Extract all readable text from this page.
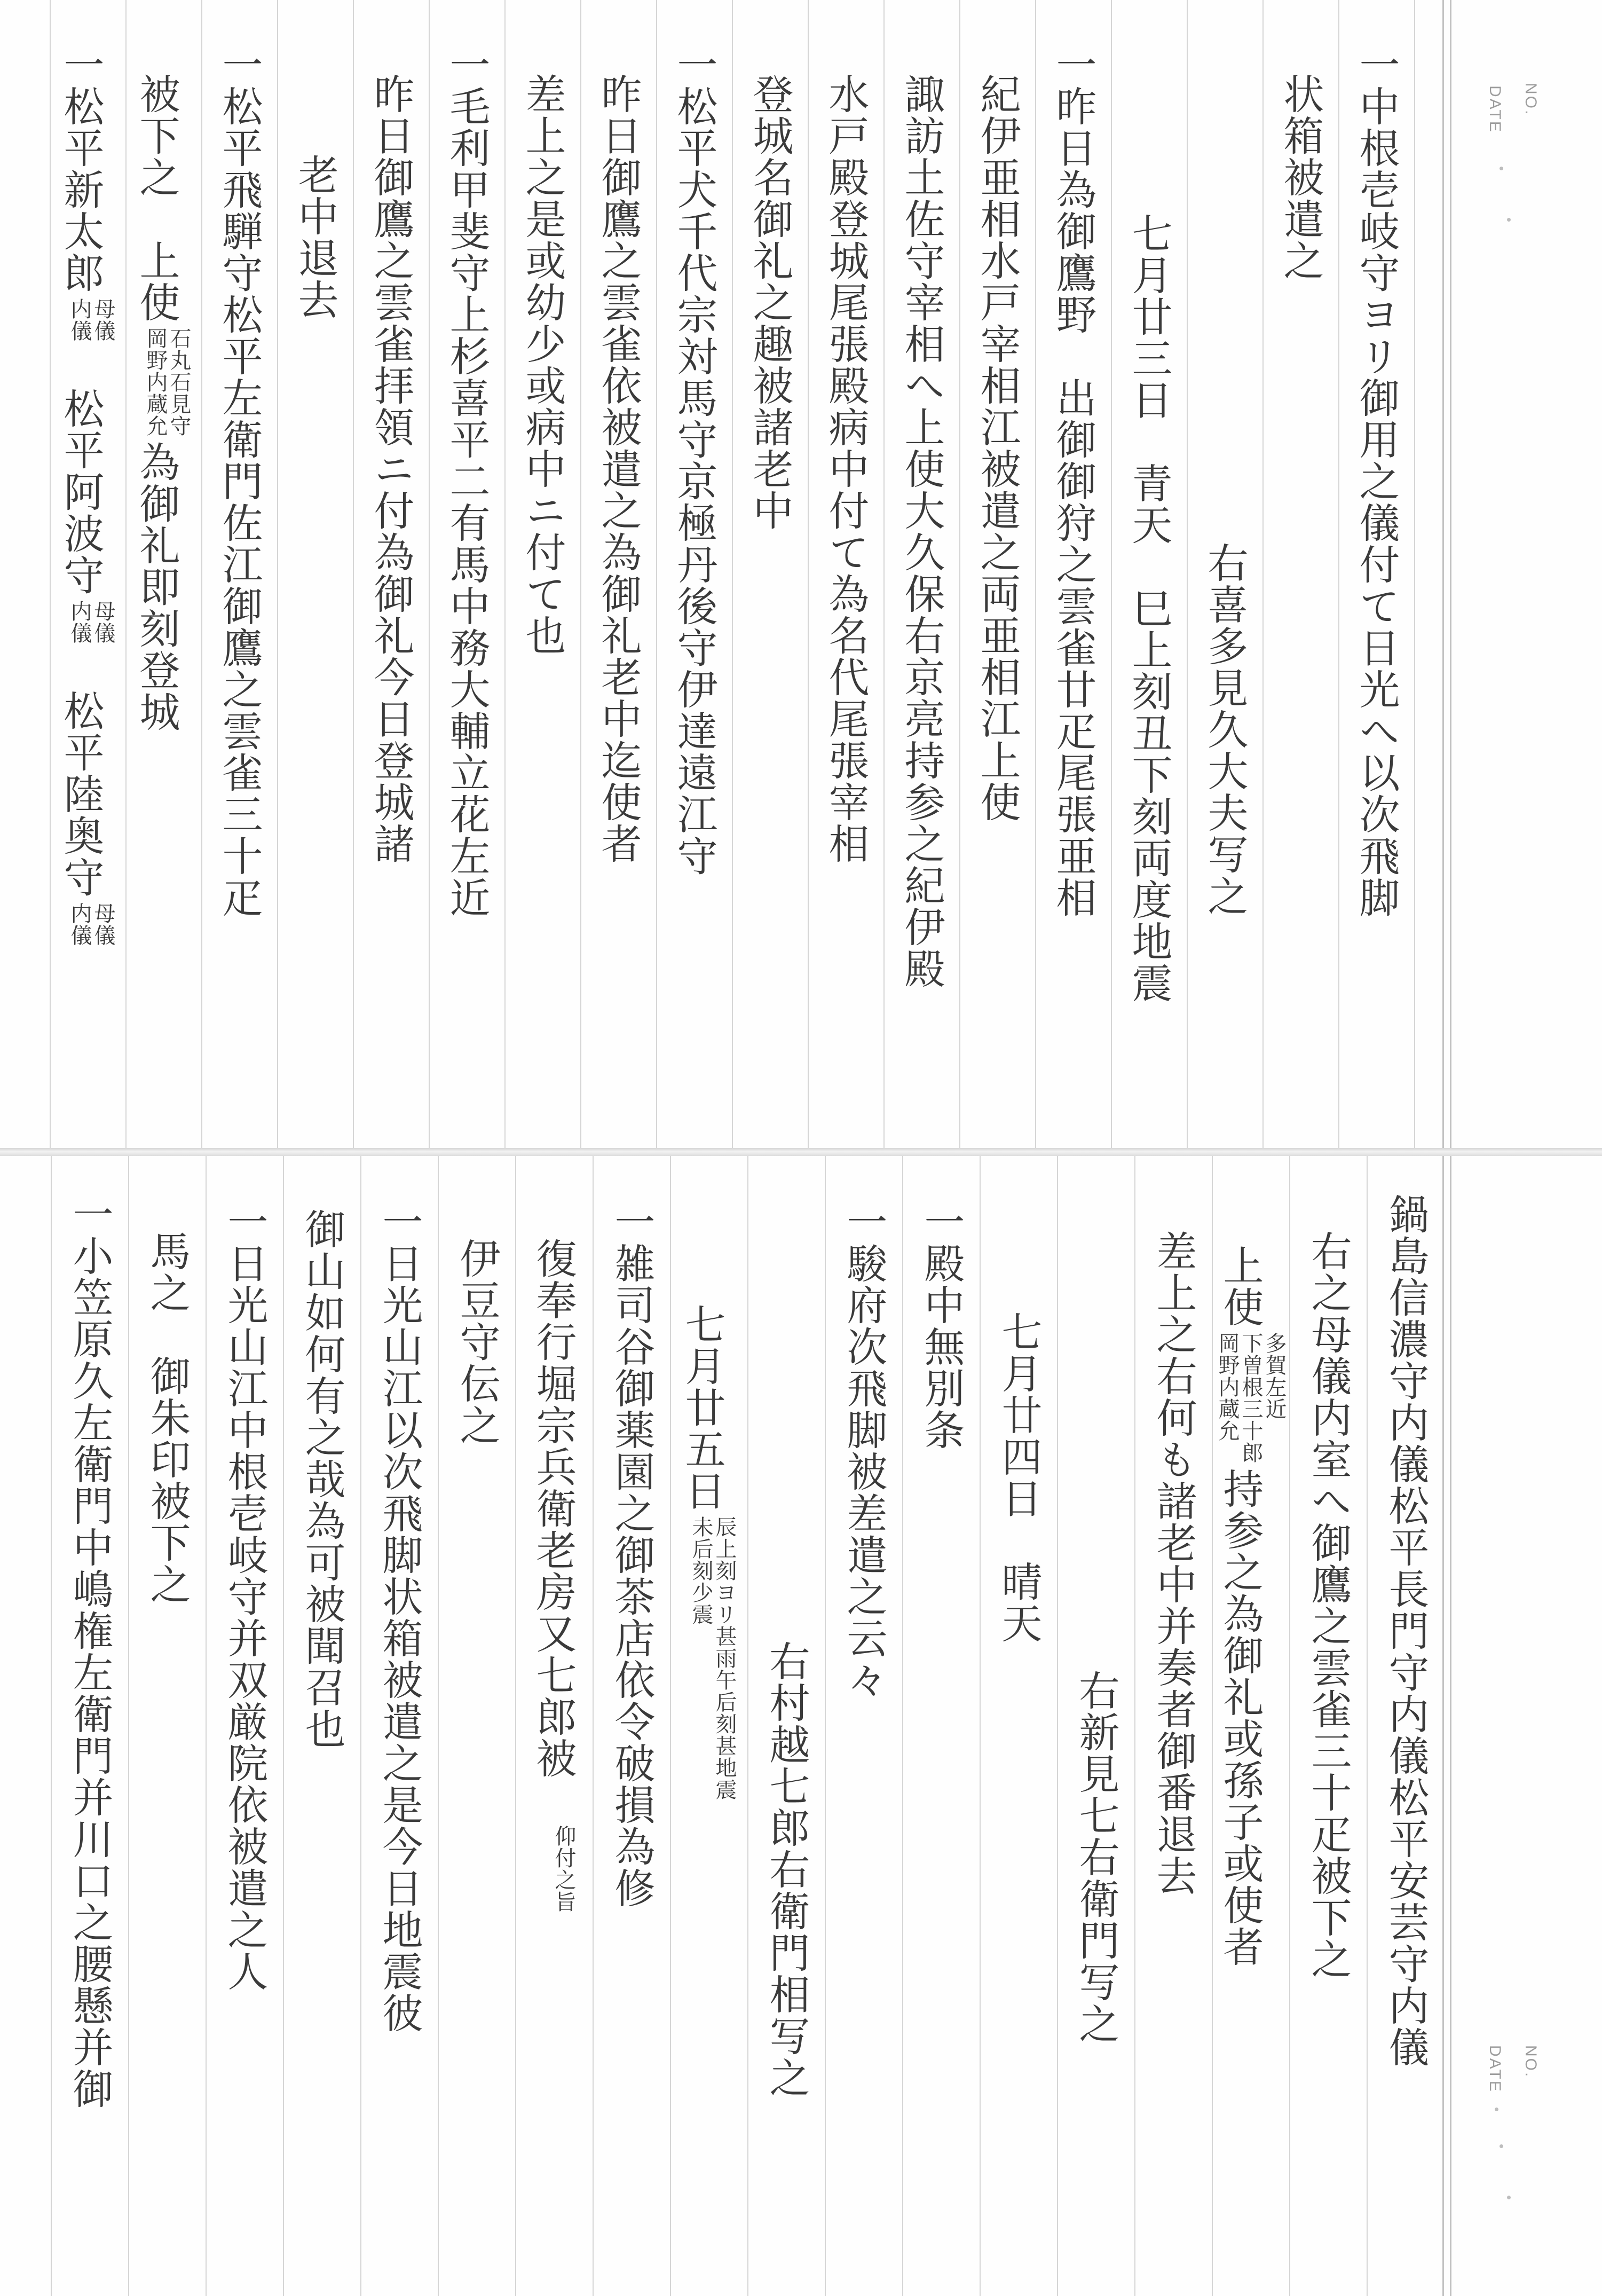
NO.
DATE
一中根壱岐守ヨリ御用之儀付て日光へ以次飛脚
状箱被遣之
右喜多見久大夫写之
七月廿三日　青天　巳上刻丑下刻両度地震
一昨日為御鷹野　出御御狩之雲雀廿疋尾張亜相
紀伊亜相水戸宰相江被遣之両亜相江上使
諏訪土佐守宰相へ上使大久保右京亮持参之紀伊殿
水戸殿登城尾張殿病中付て為名代尾張宰相
登城名御礼之趣被諸老中
一松平犬千代宗対馬守京極丹後守伊達遠江守
昨日御鷹之雲雀依被遣之為御礼老中迄使者
差上之是或幼少或病中ニ付て也
一毛利甲斐守上杉喜平二有馬中務大輔立花左近
昨日御鷹之雲雀拝領ニ付為御礼今日登城諸
老中退去
一松平飛騨守松平左衛門佐江御鷹之雲雀三十疋
被下之　上使
石丸石見守
岡野内蔵允
為御礼即刻登城
一松平新太郎
母儀
内儀
　松平阿波守
母儀
内儀
　松平陸奥守
母儀
内儀
NO.
DATE
鍋島信濃守内儀松平長門守内儀松平安芸守内儀
右之母儀内室へ御鷹之雲雀三十疋被下之
上使
多賀左近
下曽根三十郎
岡野内蔵允
持参之為御礼或孫子或使者
差上之右何も諸老中并奏者御番退去
右新見七右衛門写之
七月廿四日　晴天
一殿中無別条
一駿府次飛脚被差遣之云々
右村越七郎右衛門相写之
七月廿五日
辰上刻ヨリ甚雨午后刻甚地震
未后刻少震
一雑司谷御薬園之御茶店依令破損為修
復奉行堀宗兵衛老房又七郎被　
仰付之旨
伊豆守伝之
一日光山江以次飛脚状箱被遣之是今日地震彼
御山如何有之哉為可被聞召也
一日光山江中根壱岐守并双厳院依被遣之人
馬之　御朱印被下之
一小笠原久左衛門中嶋権左衛門并川口之腰懸并御
